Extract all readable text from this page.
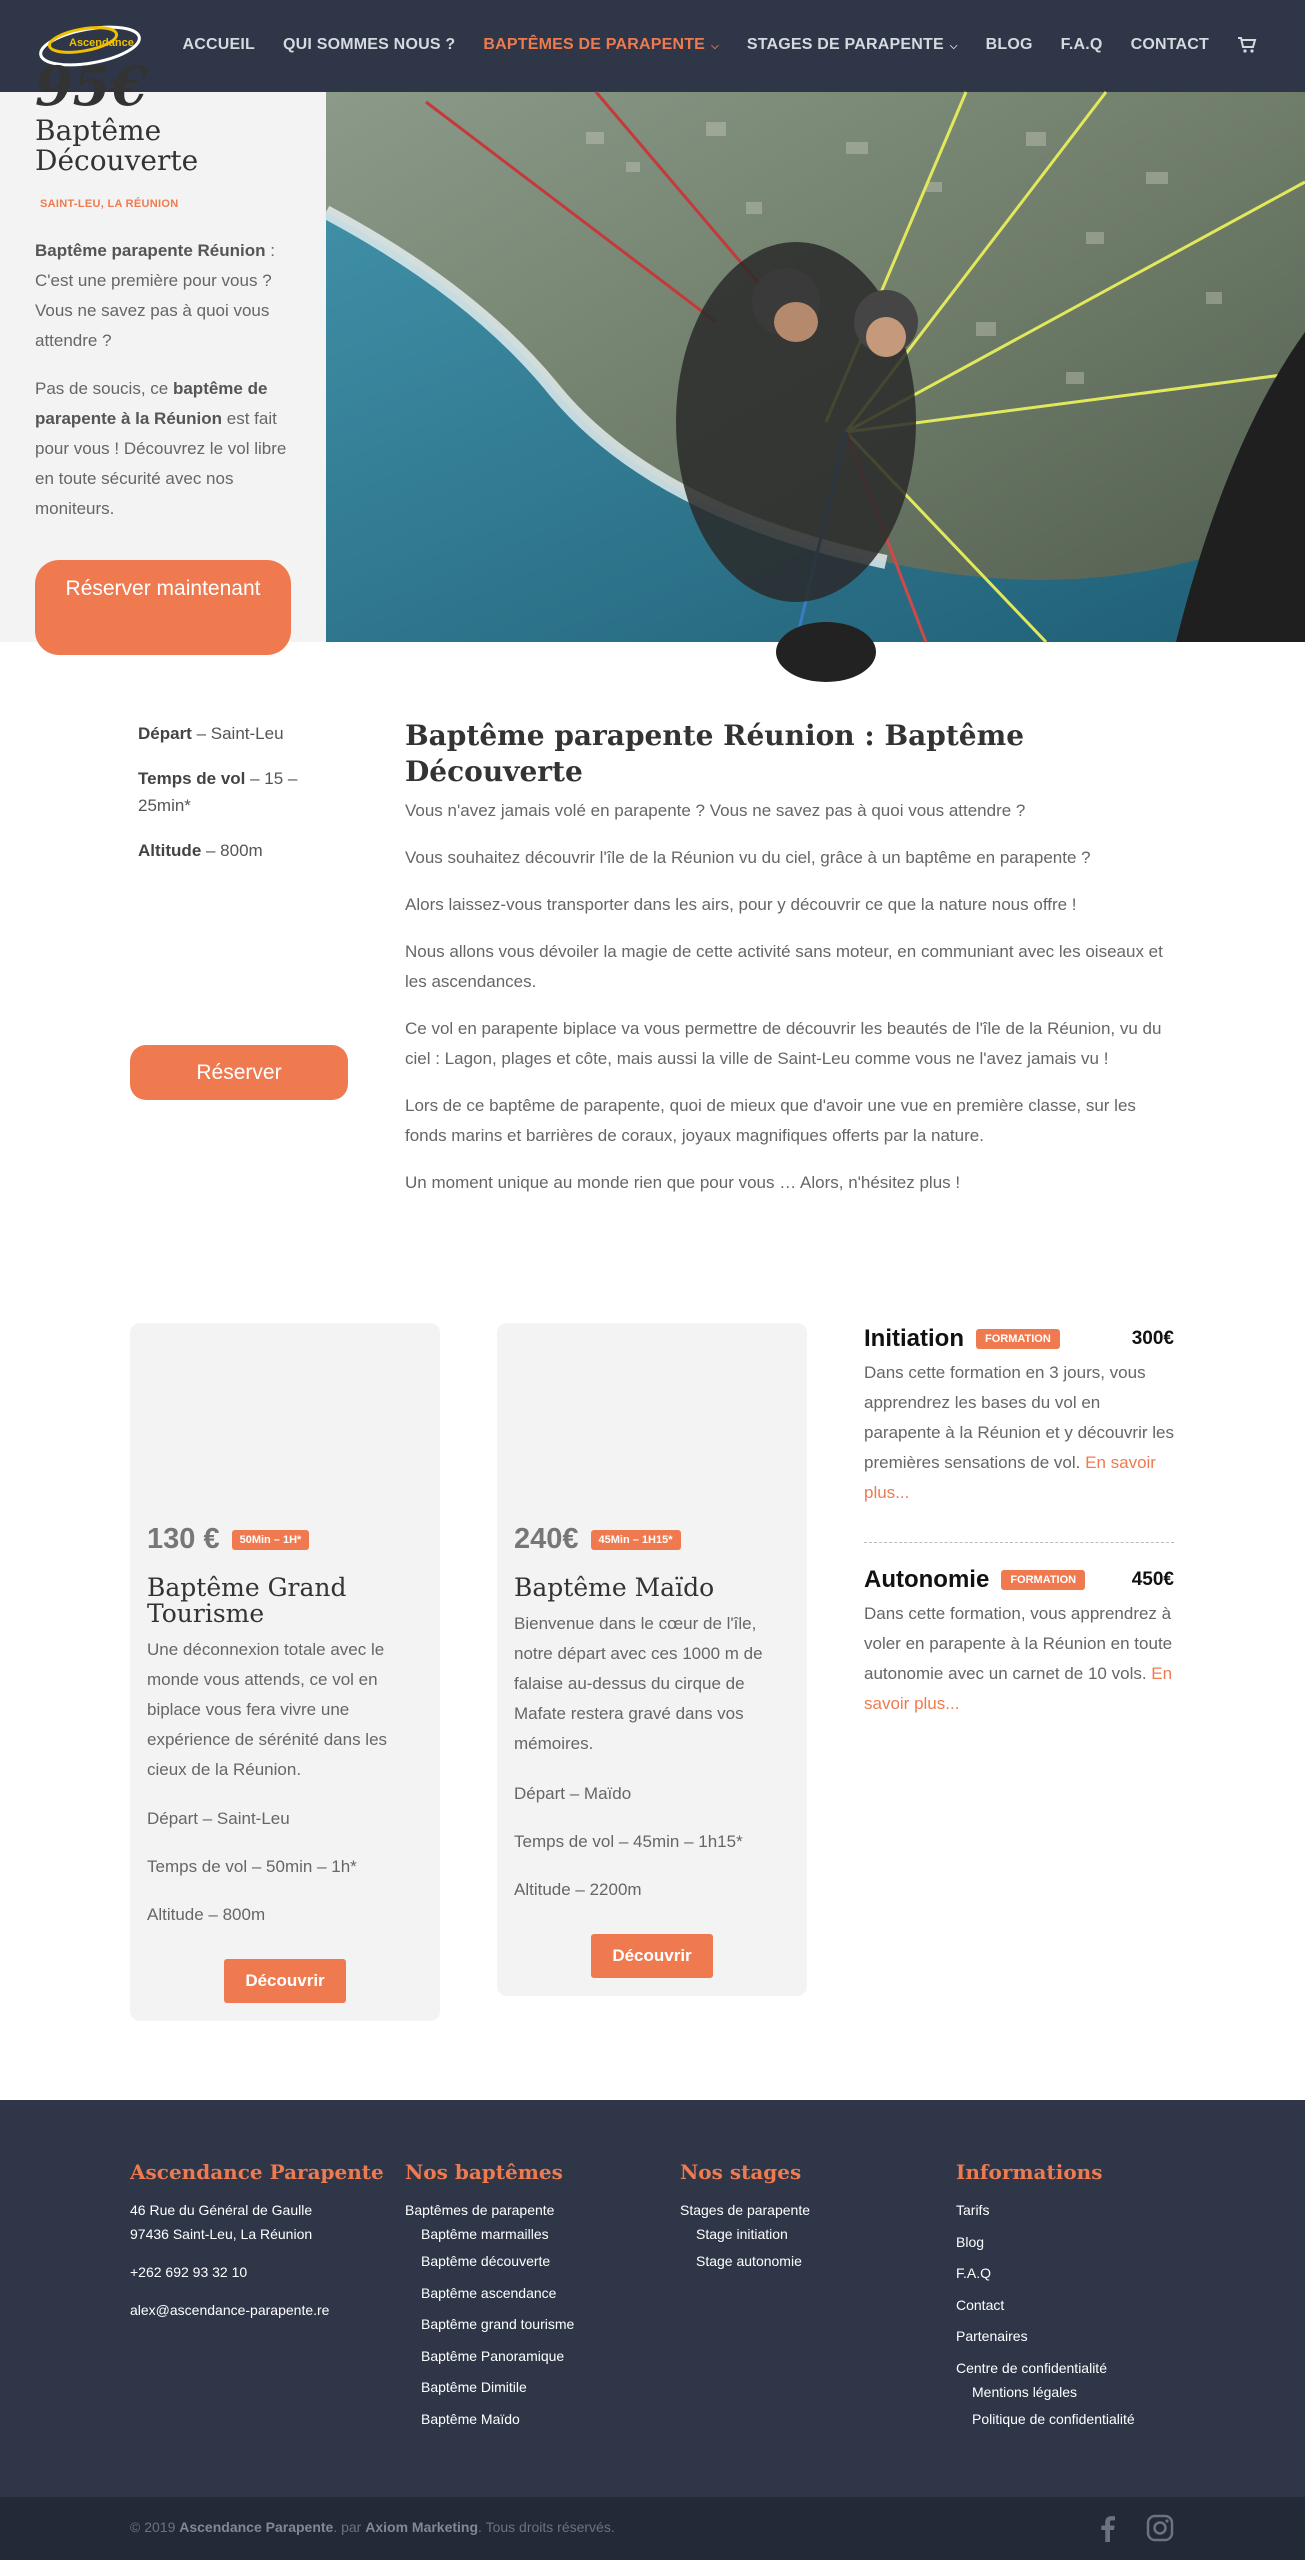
Ascendance	ACCUEIL QUI SOMMES NOUS ? BAPTÊMES DE PARAPENTE ⌵ STAGES DE PARAPENTE ⌵ BLOG F.A.Q CONTACT
95€
Baptême Découverte
SAINT-LEU, LA RÉUNION
Baptême parapente Réunion : C'est une première pour vous ? Vous ne savez pas à quoi vous attendre ?
Pas de soucis, ce baptême de parapente à la Réunion est fait pour vous ! Découvrez le vol libre en toute sécurité avec nos moniteurs.
Réserver maintenant
Départ – Saint-Leu
Temps de vol – 15 – 25min*
Altitude – 800m
Réserver
Baptême parapente Réunion : Baptême Découverte

Vous n'avez jamais volé en parapente ? Vous ne savez pas à quoi vous attendre ?

Vous souhaitez découvrir l'île de la Réunion vu du ciel, grâce à un baptême en parapente ?

Alors laissez-vous transporter dans les airs, pour y découvrir ce que la nature nous offre !

Nous allons vous dévoiler la magie de cette activité sans moteur, en communiant avec les oiseaux et les ascendances.

Ce vol en parapente biplace va vous permettre de découvrir les beautés de l'île de la Réunion, vu du ciel : Lagon, plages et côte, mais aussi la ville de Saint-Leu comme vous ne l'avez jamais vu !

Lors de ce baptême de parapente, quoi de mieux que d'avoir une vue en première classe, sur les fonds marins et barrières de coraux, joyaux magnifiques offerts par la nature.

Un moment unique au monde rien que pour vous … Alors, n'hésitez plus !

130 €	50Min – 1H*
Baptême Grand Tourisme
Une déconnexion totale avec le monde vous attends, ce vol en biplace vous fera vivre une expérience de sérénité dans les cieux de la Réunion.
Départ – Saint-Leu
Temps de vol – 50min – 1h*
Altitude – 800m
Découvrir
240€	45Min – 1H15*
Baptême Maïdo
Bienvenue dans le cœur de l'île, notre départ avec ces 1000 m de falaise au-dessus du cirque de Mafate restera gravé dans vos mémoires.
Départ – Maïdo
Temps de vol – 45min – 1h15*
Altitude – 2200m
Découvrir
Initiation	FORMATION	300€
Dans cette formation en 3 jours, vous apprendrez les bases du vol en parapente à la Réunion et y découvrir les premières sensations de vol. En savoir plus...
Autonomie	FORMATION	450€
Dans cette formation, vous apprendrez à voler en parapente à la Réunion en toute autonomie avec un carnet de 10 vols. En savoir plus...
Ascendance Parapente
46 Rue du Général de Gaulle
97436 Saint-Leu, La Réunion
+262 692 93 32 10
alex@ascendance-parapente.re
Nos baptêmes
Baptêmes de parapente
Baptême marmailles
Baptême découverte
Baptême ascendance
Baptême grand tourisme
Baptême Panoramique
Baptême Dimitile
Baptême Maïdo
Nos stages
Stages de parapente
Stage initiation
Stage autonomie
Informations
Tarifs
Blog
F.A.Q
Contact
Partenaires
Centre de confidentialité
Mentions légales
Politique de confidentialité
© 2019 Ascendance Parapente. par Axiom Marketing. Tous droits réservés.
